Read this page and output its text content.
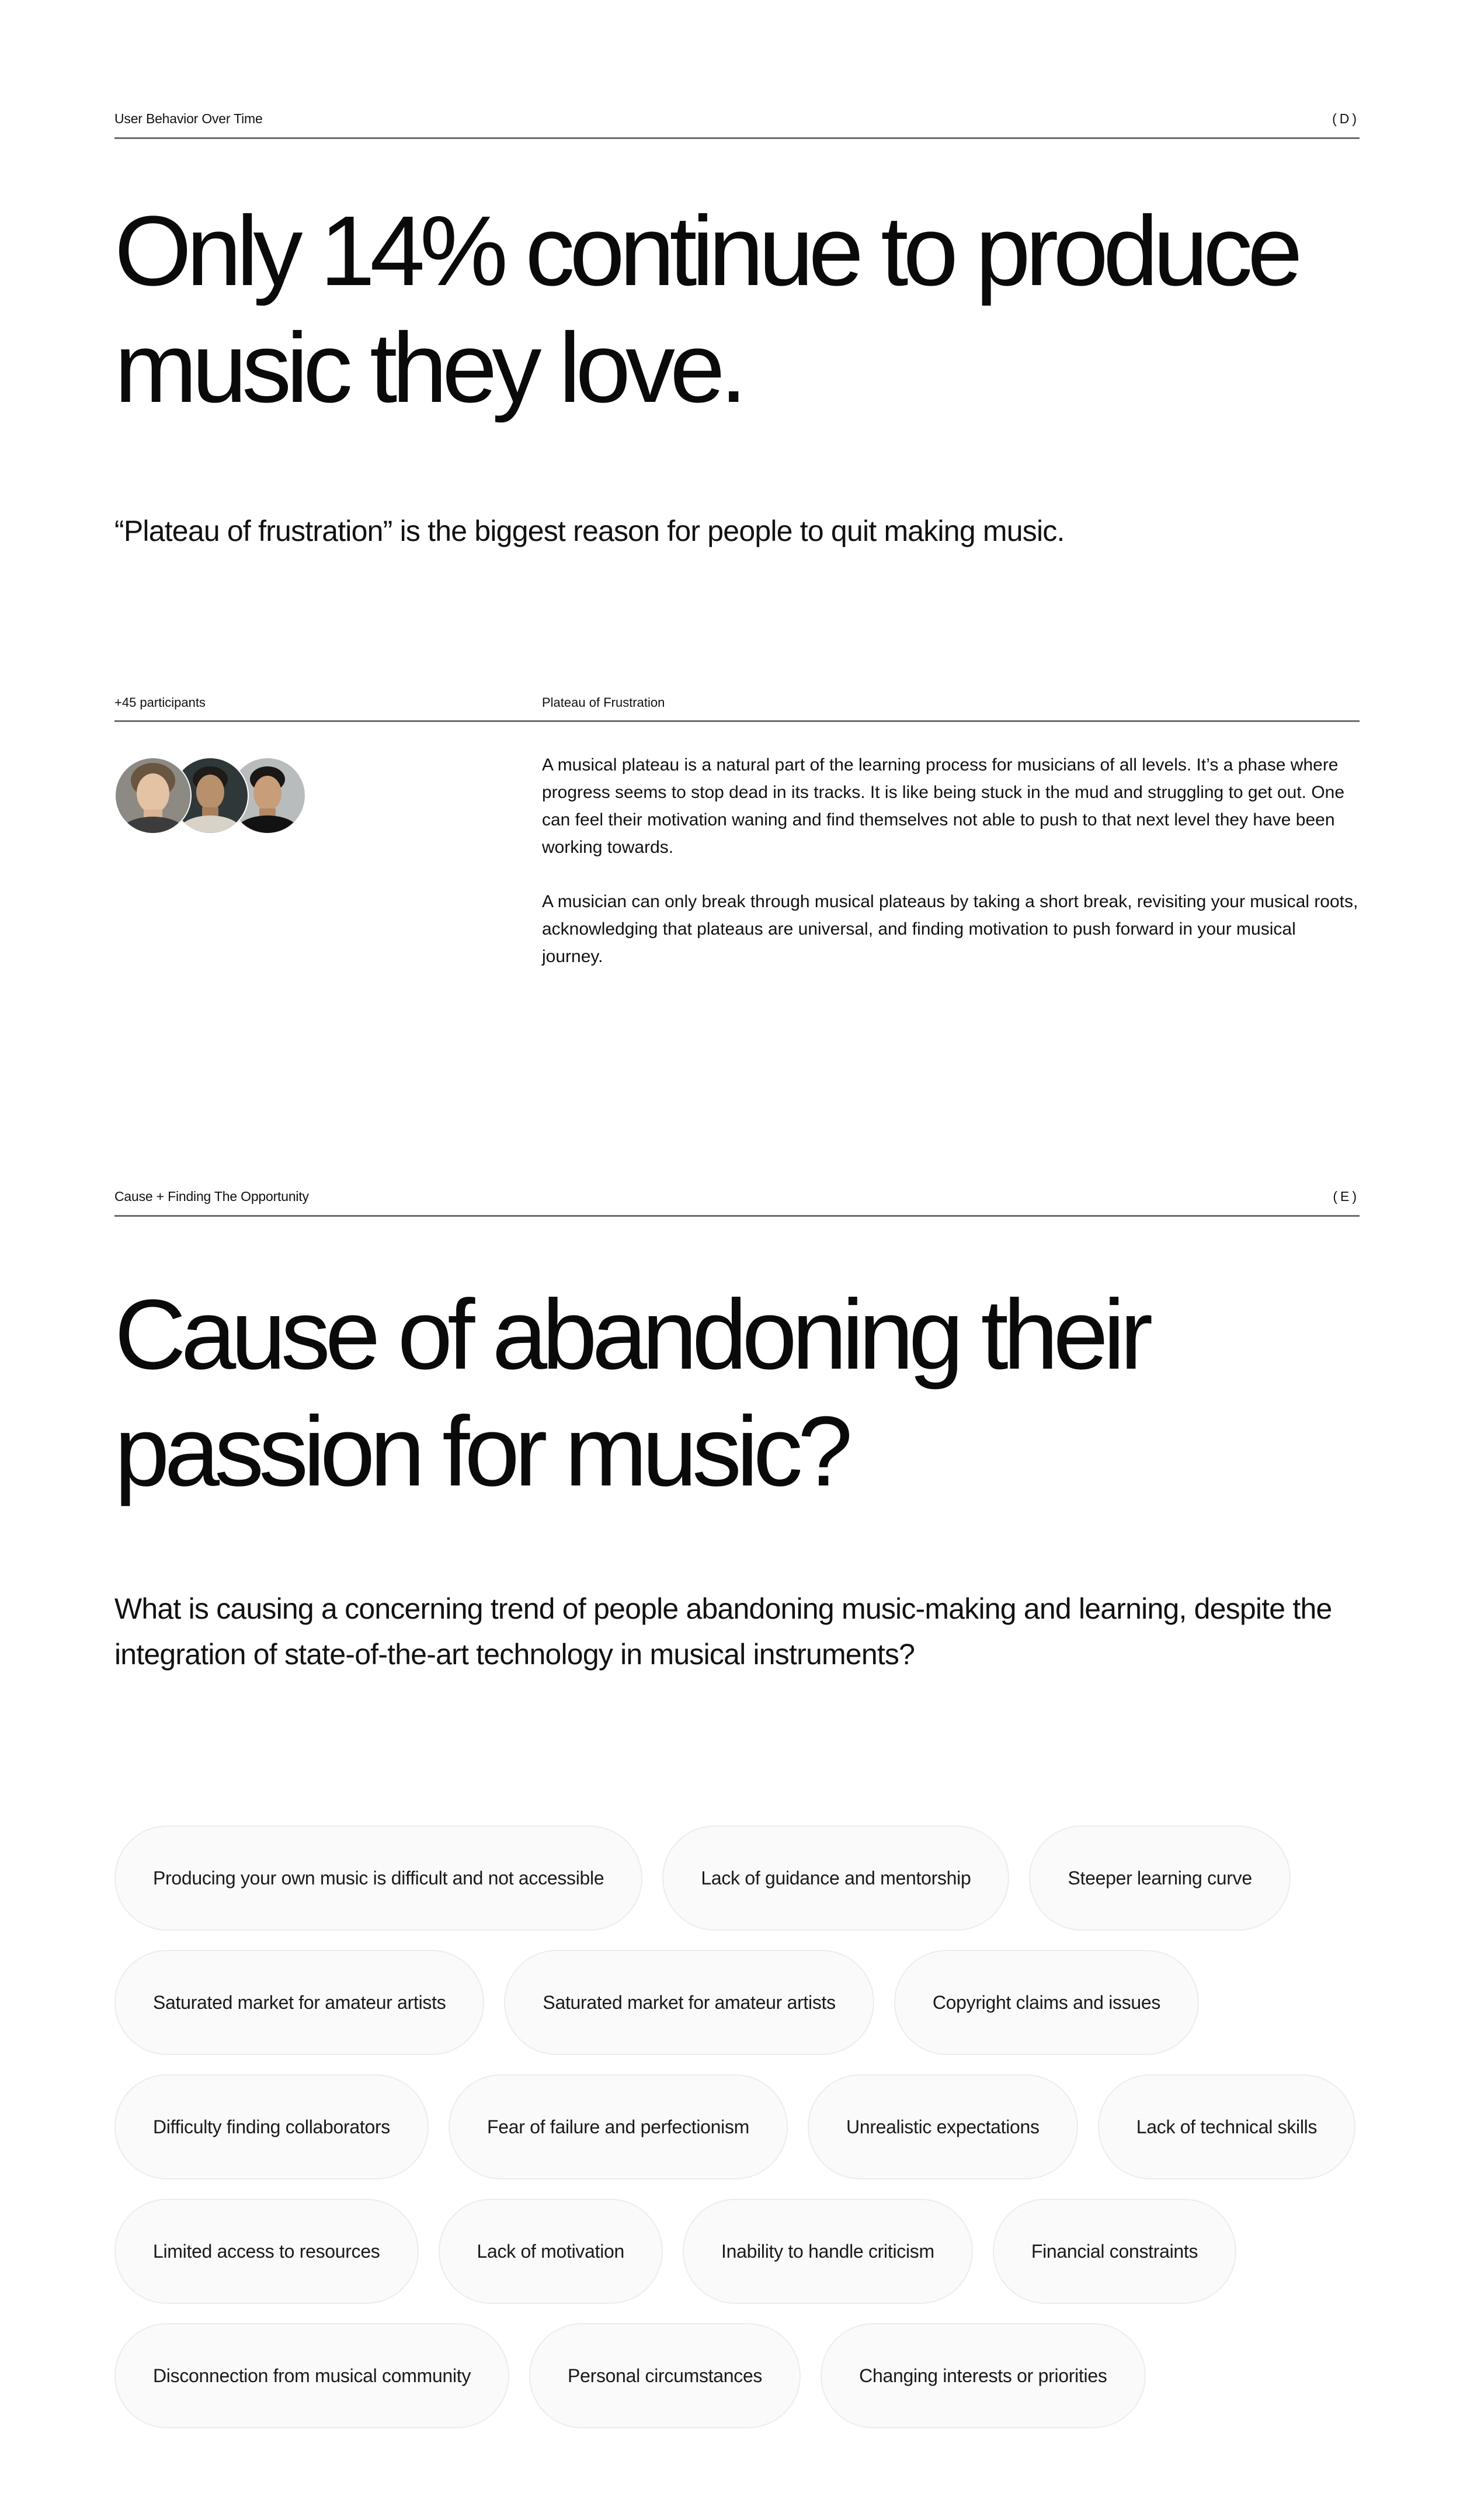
User Behavior Over Time	(D)
Only 14% continue to produce
music they love.

“Plateau of frustration” is the biggest reason for people to quit making music.

+45 participants	Plateau of Frustration

A musical plateau is a natural part of the learning process for musicians of all levels. It’s a phase where progress seems to stop dead in its tracks. It is like being stuck in the mud and struggling to get out. One can feel their motivation waning and find themselves not able to push to that next level they have been working towards.

A musician can only break through musical plateaus by taking a short break, revisiting your musical roots, acknowledging that plateaus are universal, and finding motivation to push forward in your musical journey.

Cause + Finding The Opportunity	(E)
Cause of abandoning their
passion for music?

What is causing a concerning trend of people abandoning music-making and learning, despite the integration of state-of-the-art technology in musical instruments?

Producing your own music is difficult and not accessible	Lack of guidance and mentorship	Steeper learning curve
Saturated market for amateur artists	Saturated market for amateur artists	Copyright claims and issues
Difficulty finding collaborators	Fear of failure and perfectionism	Unrealistic expectations	Lack of technical skills
Limited access to resources	Lack of motivation	Inability to handle criticism	Financial constraints
Disconnection from musical community	Personal circumstances	Changing interests or priorities
